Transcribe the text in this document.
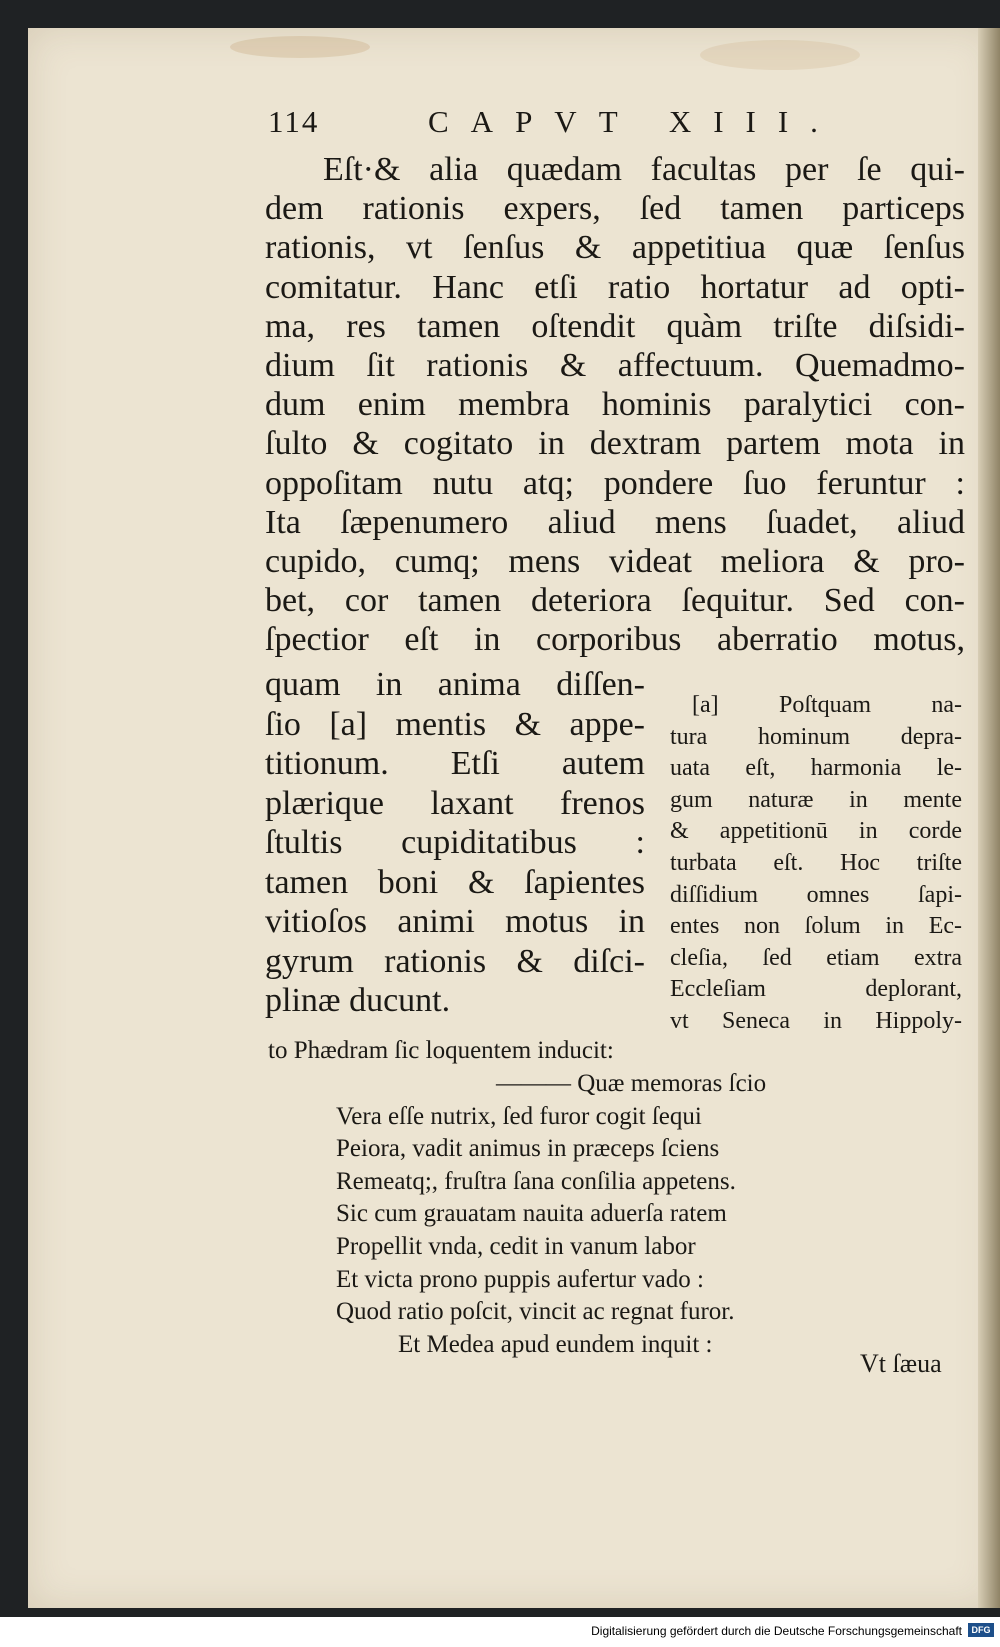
114	CAPVT XIII.
Eſt·& alia quædam facultas per ſe qui-
dem rationis expers, ſed tamen particeps
rationis, vt ſenſus & appetitiua quæ ſenſus
comitatur. Hanc etſi ratio hortatur ad opti-
ma, res tamen oſtendit quàm triſte diſsidi-
dium ſit rationis & affectuum. Quemadmo-
dum enim membra hominis paralytici con-
ſulto & cogitato in dextram partem mota in
oppoſitam nutu atq; pondere ſuo feruntur :
Ita ſæpenumero aliud mens ſuadet, aliud
cupido, cumq; mens videat meliora & pro-
bet, cor tamen deteriora ſequitur. Sed con-
ſpectior eſt in corporibus aberratio motus,
quam in anima diſſen-
ſio [a] mentis & appe-
titionum. Etſi autem
plærique laxant frenos
ſtultis cupiditatibus :
tamen boni & ſapientes
vitioſos animi motus in
gyrum rationis & diſci-
plinæ ducunt.
[a] Poſtquam na-
tura hominum depra-
uata eſt, harmonia le-
gum naturæ in mente
& appetitionū in corde
turbata eſt. Hoc triſte
diſſidium omnes ſapi-
entes non ſolum in Ec-
cleſia, ſed etiam extra
Eccleſiam deplorant,
vt Seneca in Hippoly-
to Phædram ſic loquentem inducit:
——— Quæ memoras ſcio
Vera eſſe nutrix, ſed furor cogit ſequi
Peiora, vadit animus in præceps ſciens
Remeatq;, fruſtra ſana conſilia appetens.
Sic cum grauatam nauita aduerſa ratem
Propellit vnda, cedit in vanum labor
Et victa prono puppis aufertur vado :
Quod ratio poſcit, vincit ac regnat furor.
Et Medea apud eundem inquit :
Vt ſæua
Digitalisierung gefördert durch die Deutsche Forschungsgemeinschaft	DFG
